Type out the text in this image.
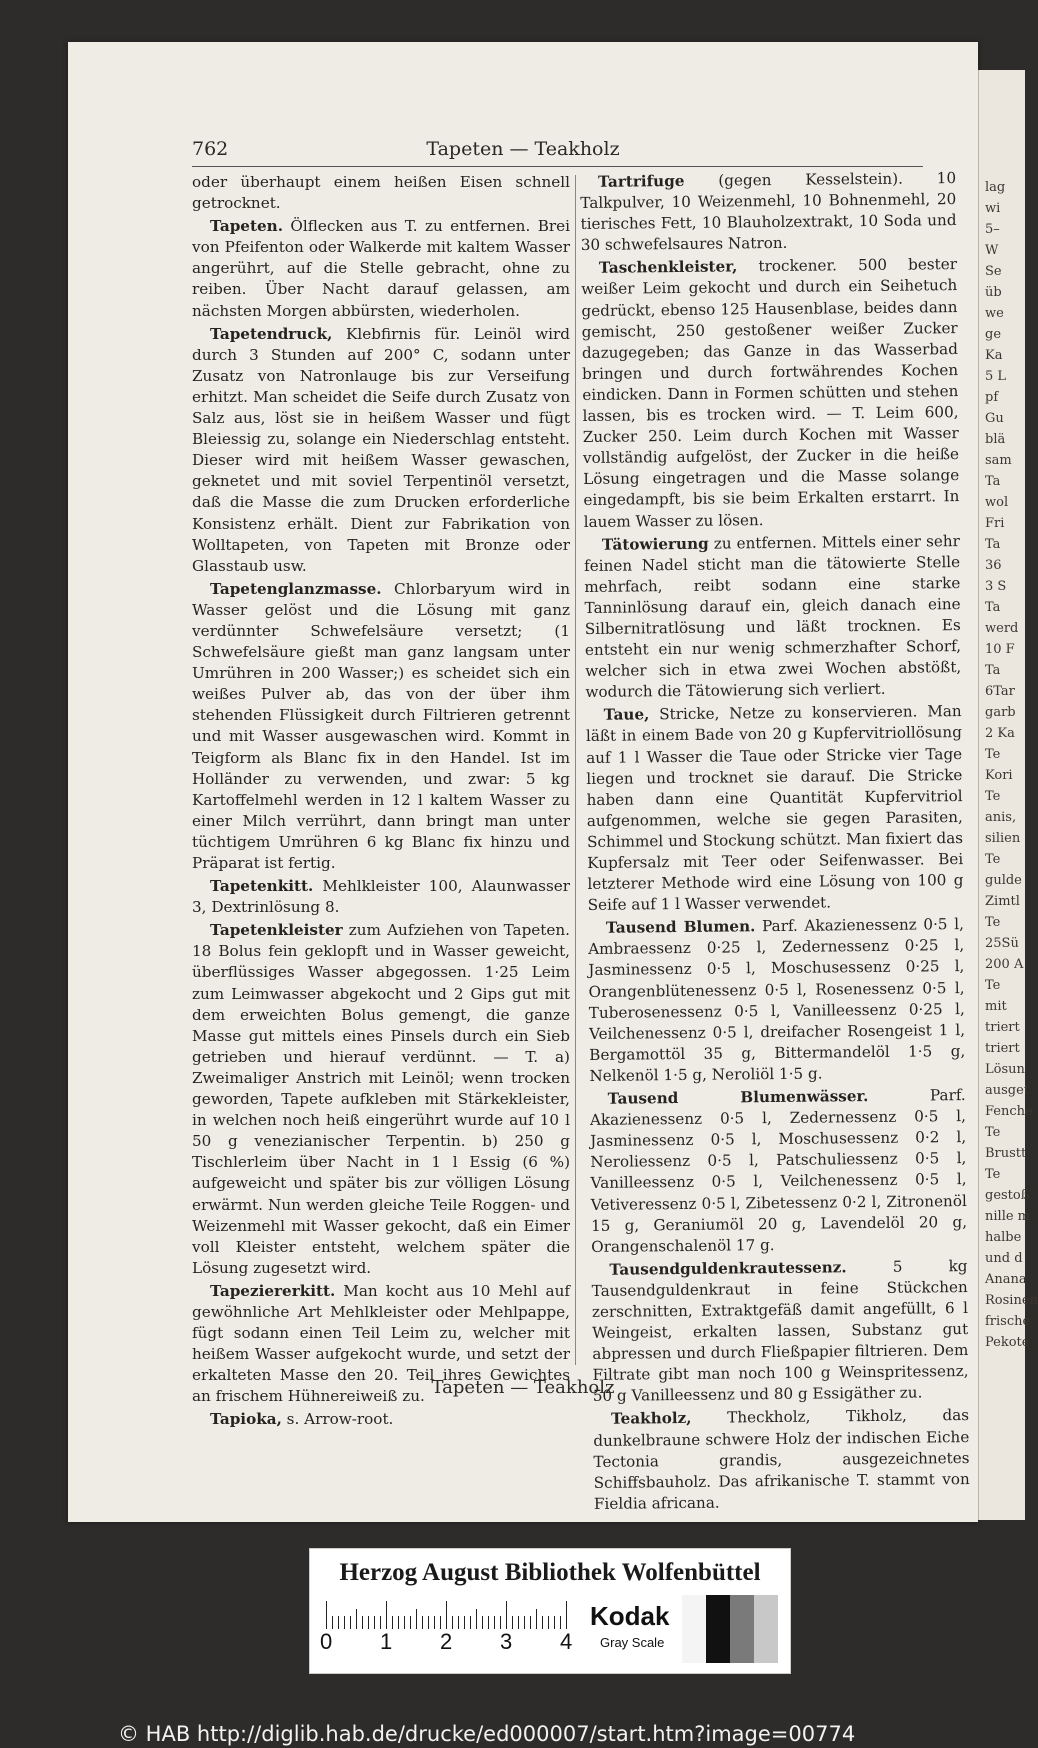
762	Tapeten — Teakholz

oder überhaupt einem heißen Eisen schnell getrocknet.

Tapeten. Ölflecken aus T. zu entfernen. Brei von Pfeifenton oder Walkerde mit kaltem Wasser angerührt, auf die Stelle gebracht, ohne zu reiben. Über Nacht darauf gelassen, am nächsten Morgen abbürsten, wiederholen.

Tapetendruck, Klebfirnis für. Leinöl wird durch 3 Stunden auf 200° C, sodann unter Zusatz von Natronlauge bis zur Verseifung erhitzt. Man scheidet die Seife durch Zusatz von Salz aus, löst sie in heißem Wasser und fügt Bleiessig zu, solange ein Niederschlag entsteht. Dieser wird mit heißem Wasser gewaschen, geknetet und mit soviel Terpentinöl versetzt, daß die Masse die zum Drucken erforderliche Konsistenz erhält. Dient zur Fabrikation von Wolltapeten, von Tapeten mit Bronze oder Glasstaub usw.

Tapetenglanzmasse. Chlorbaryum wird in Wasser gelöst und die Lösung mit ganz verdünnter Schwefelsäure versetzt; (1 Schwefelsäure gießt man ganz langsam unter Umrühren in 200 Wasser;) es scheidet sich ein weißes Pulver ab, das von der über ihm stehenden Flüssigkeit durch Filtrieren getrennt und mit Wasser ausgewaschen wird. Kommt in Teigform als Blanc fix in den Handel. Ist im Holländer zu verwenden, und zwar: 5 kg Kartoffelmehl werden in 12 l kaltem Wasser zu einer Milch verrührt, dann bringt man unter tüchtigem Umrühren 6 kg Blanc fix hinzu und Präparat ist fertig.

Tapetenkitt. Mehlkleister 100, Alaunwasser 3, Dextrinlösung 8.

Tapetenkleister zum Aufziehen von Tapeten. 18 Bolus fein geklopft und in Wasser geweicht, überflüssiges Wasser abgegossen. 1·25 Leim zum Leimwasser abgekocht und 2 Gips gut mit dem erweichten Bolus gemengt, die ganze Masse gut mittels eines Pinsels durch ein Sieb getrieben und hierauf verdünnt. — T. a) Zweimaliger Anstrich mit Leinöl; wenn trocken geworden, Tapete aufkleben mit Stärkekleister, in welchen noch heiß eingerührt wurde auf 10 l 50 g venezianischer Terpentin. b) 250 g Tischlerleim über Nacht in 1 l Essig (6 %) aufgeweicht und später bis zur völligen Lösung erwärmt. Nun werden gleiche Teile Roggen- und Weizenmehl mit Wasser gekocht, daß ein Eimer voll Kleister entsteht, welchem später die Lösung zugesetzt wird.

Tapeziererkitt. Man kocht aus 10 Mehl auf gewöhnliche Art Mehlkleister oder Mehlpappe, fügt sodann einen Teil Leim zu, welcher mit heißem Wasser aufgekocht wurde, und setzt der erkalteten Masse den 20. Teil ihres Gewichtes an frischem Hühnereiweiß zu.

Tapioka, s. Arrow-root.

Tartrifuge (gegen Kesselstein). 10 Talkpulver, 10 Weizenmehl, 10 Bohnenmehl, 20 tierisches Fett, 10 Blauholzextrakt, 10 Soda und 30 schwefelsaures Natron.

Taschenkleister, trockener. 500 bester weißer Leim gekocht und durch ein Seihetuch gedrückt, ebenso 125 Hausenblase, beides dann gemischt, 250 gestoßener weißer Zucker dazugegeben; das Ganze in das Wasserbad bringen und durch fortwährendes Kochen eindicken. Dann in Formen schütten und stehen lassen, bis es trocken wird. — T. Leim 600, Zucker 250. Leim durch Kochen mit Wasser vollständig aufgelöst, der Zucker in die heiße Lösung eingetragen und die Masse solange eingedampft, bis sie beim Erkalten erstarrt. In lauem Wasser zu lösen.

Tätowierung zu entfernen. Mittels einer sehr feinen Nadel sticht man die tätowierte Stelle mehrfach, reibt sodann eine starke Tanninlösung darauf ein, gleich danach eine Silbernitratlösung und läßt trocknen. Es entsteht ein nur wenig schmerzhafter Schorf, welcher sich in etwa zwei Wochen abstößt, wodurch die Tätowierung sich verliert.

Taue, Stricke, Netze zu konservieren. Man läßt in einem Bade von 20 g Kupfervitriollösung auf 1 l Wasser die Taue oder Stricke vier Tage liegen und trocknet sie darauf. Die Stricke haben dann eine Quantität Kupfervitriol aufgenommen, welche sie gegen Parasiten, Schimmel und Stockung schützt. Man fixiert das Kupfersalz mit Teer oder Seifenwasser. Bei letzterer Methode wird eine Lösung von 100 g Seife auf 1 l Wasser verwendet.

Tausend Blumen. Parf. Akazienessenz 0·5 l, Ambraessenz 0·25 l, Zedernessenz 0·25 l, Jasminessenz 0·5 l, Moschusessenz 0·25 l, Orangenblütenessenz 0·5 l, Rosenessenz 0·5 l, Tuberosenessenz 0·5 l, Vanilleessenz 0·25 l, Veilchenessenz 0·5 l, dreifacher Rosengeist 1 l, Bergamottöl 35 g, Bittermandelöl 1·5 g, Nelkenöl 1·5 g, Neroliöl 1·5 g.

Tausend Blumenwässer. Parf. Akazienessenz 0·5 l, Zedernessenz 0·5 l, Jasminessenz 0·5 l, Moschusessenz 0·2 l, Neroliessenz 0·5 l, Patschuliessenz 0·5 l, Vanilleessenz 0·5 l, Veilchenessenz 0·5 l, Vetiveressenz 0·5 l, Zibetessenz 0·2 l, Zitronenöl 15 g, Geraniumöl 20 g, Lavendelöl 20 g, Orangenschalenöl 17 g.

Tausendguldenkrautessenz. 5 kg Tausendguldenkraut in feine Stückchen zerschnitten, Extraktgefäß damit angefüllt, 6 l Weingeist, erkalten lassen, Substanz gut abpressen und durch Fließpapier filtrieren. Dem Filtrate gibt man noch 100 g Weinspritessenz, 50 g Vanilleessenz und 80 g Essigäther zu.

Teakholz, Theckholz, Tikholz, das dunkelbraune schwere Holz der indischen Eiche Tectonia grandis, ausgezeichnetes Schiffsbauholz. Das afrikanische T. stammt von Fieldia africana.

Tapeten — Teakholz
lag
wi
5–
W
Se
üb
we
ge
Ka
5 L
pf
Gu
blä
sam
Ta
wol
Fri
Ta
36
3 S
Ta
werd
10 F
Ta
6Tar
garb
2 Ka
Te
Kori
Te
anis,
silien
Te
gulde
Zimtl
Te
25Sü
200 A
Te
mit
triert
triert
Lösun
ausget
Fenche
Te
Brustt
Te
gestoß
nille m
halbe
und d
Anana
Rosinen
frische
Pekote
Herzog August Bibliothek Wolfenbüttel
0 1 2 3 4
Kodak
Gray Scale
© HAB http://diglib.hab.de/drucke/ed000007/start.htm?image=00774
